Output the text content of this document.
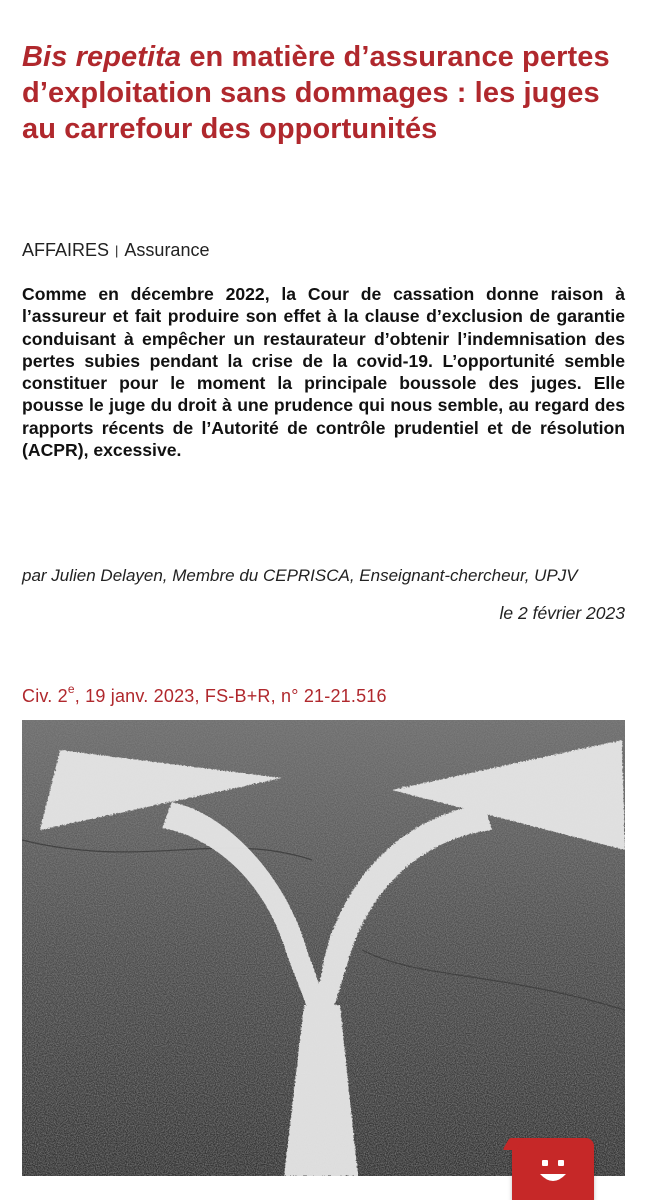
Bis repetita en matière d’assurance pertes d’exploitation sans dommages : les juges au carrefour des opportunités
AFFAIRES | Assurance

Comme en décembre 2022, la Cour de cassation donne raison à l’assureur et fait produire son effet à la clause d’exclusion de garantie conduisant à empêcher un restaurateur d’obtenir l’indemnisation des pertes subies pendant la crise de la covid-19. L’opportunité semble constituer pour le moment la principale boussole des juges. Elle pousse le juge du droit à une prudence qui nous semble, au regard des rapports récents de l’Autorité de contrôle prudentiel et de résolution (ACPR), excessive.

par Julien Delayen, Membre du CEPRISCA, Enseignant-chercheur, UPJV
le 2 février 2023
Civ. 2e, 19 janv. 2023, FS-B+R, n° 21-21.516
